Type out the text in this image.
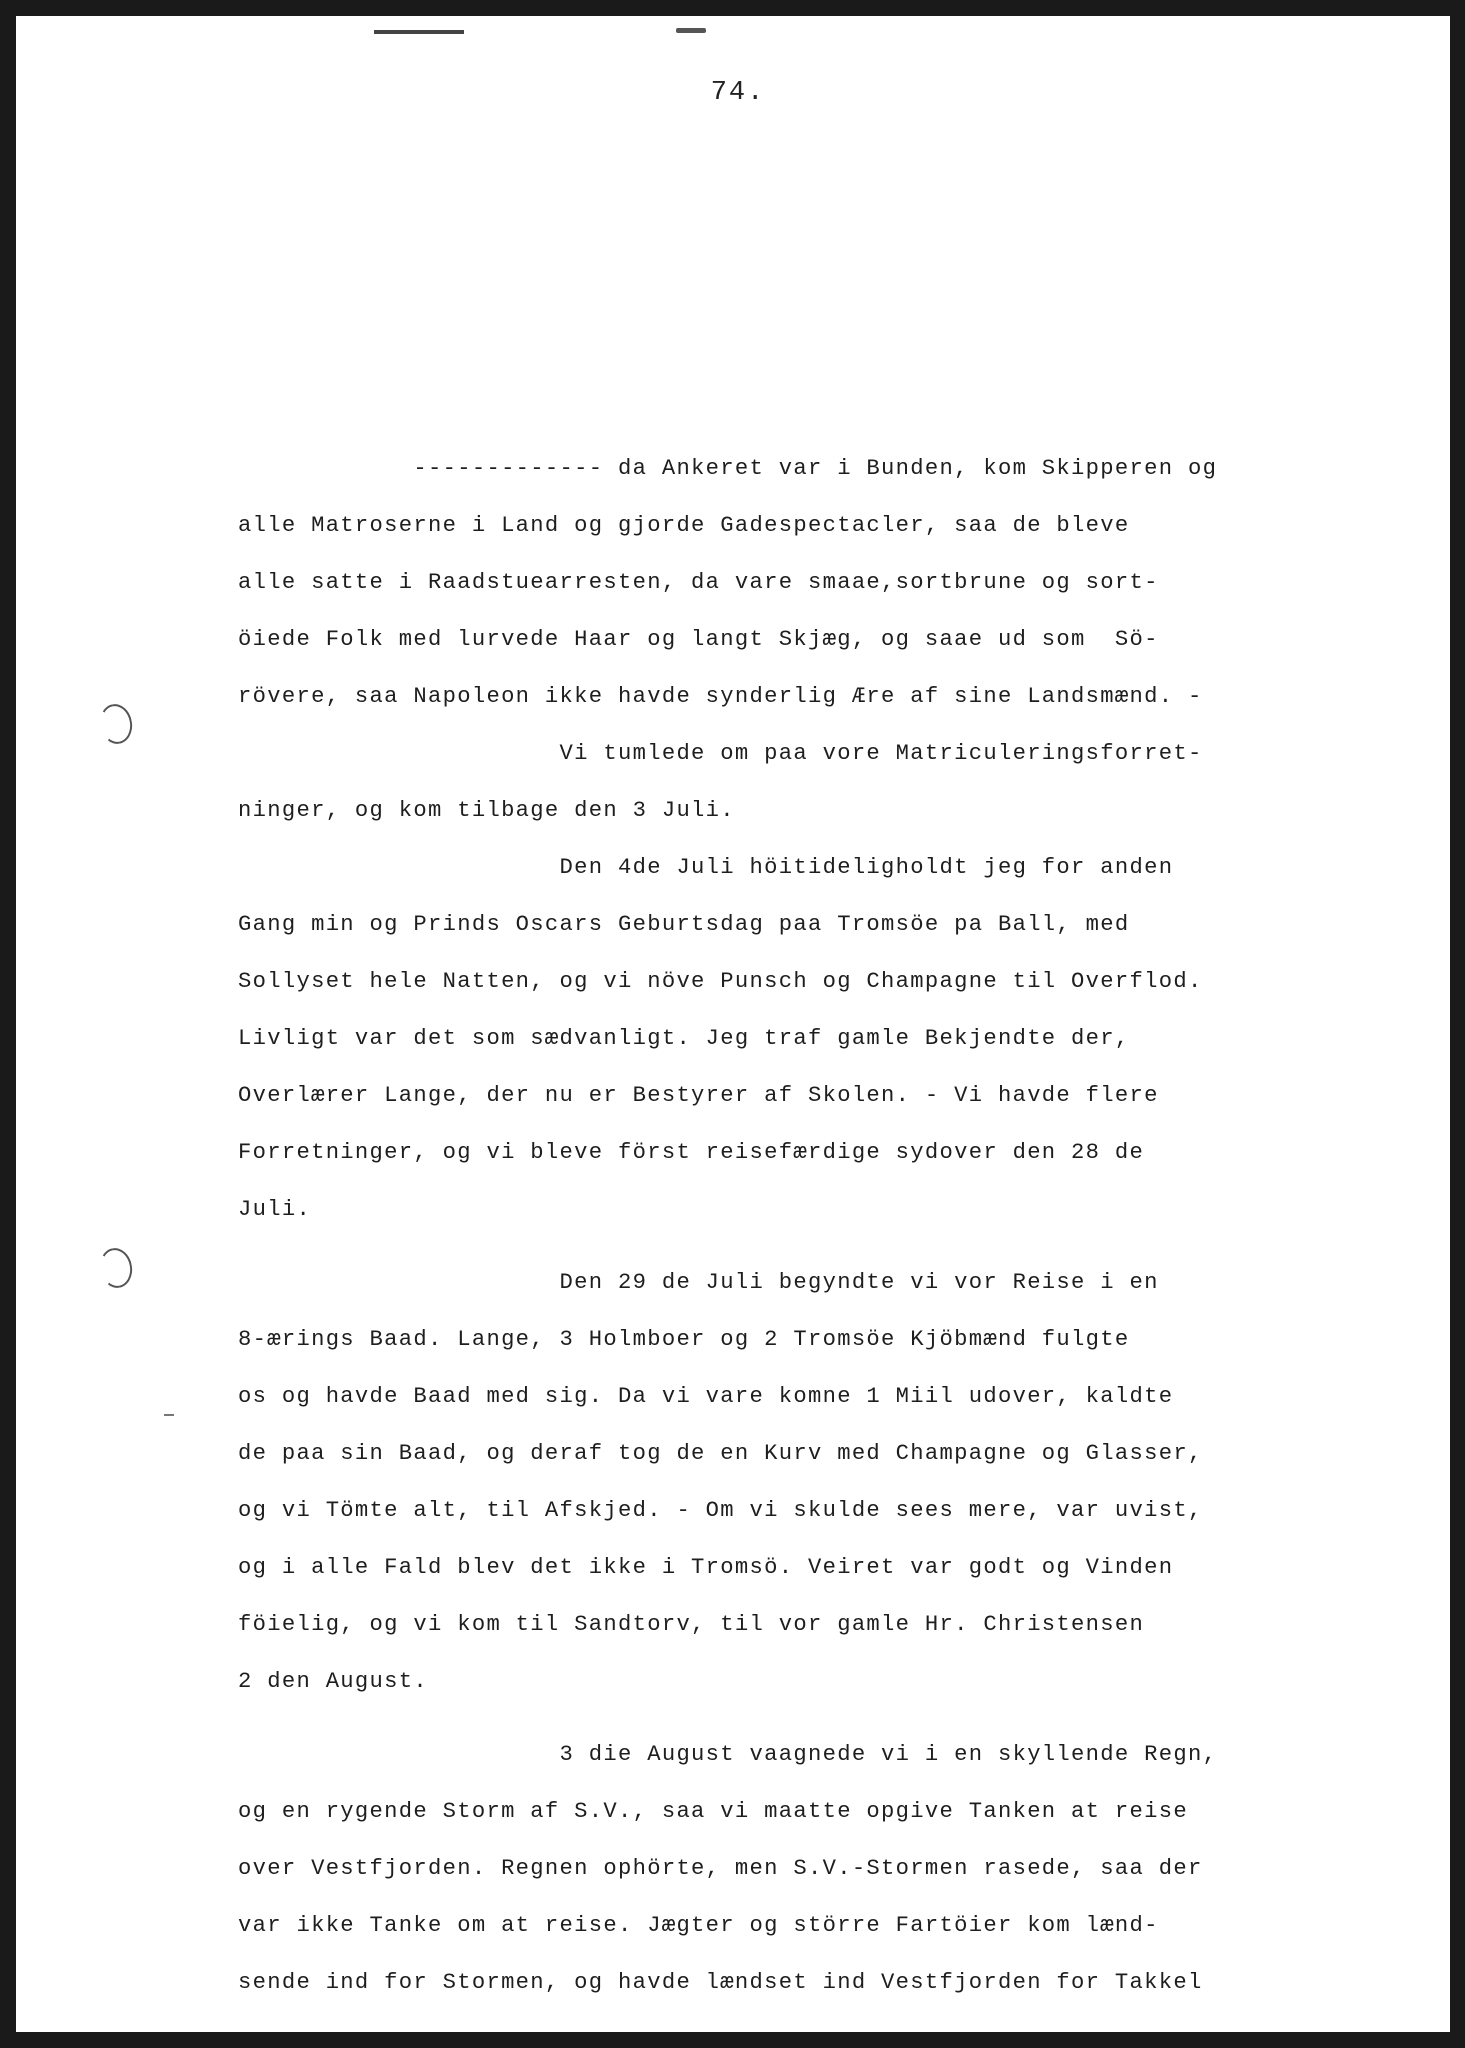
74.
------------- da Ankeret var i Bunden, kom Skipperen og
alle Matroserne i Land og gjorde Gadespectacler, saa de bleve
alle satte i Raadstuearresten, da vare smaae,sortbrune og sort-
öiede Folk med lurvede Haar og langt Skjæg, og saae ud som  Sö-
rövere, saa Napoleon ikke havde synderlig Ære af sine Landsmænd. -
Vi tumlede om paa vore Matriculeringsforret-
ninger, og kom tilbage den 3 Juli.
Den 4de Juli höitideligholdt jeg for anden
Gang min og Prinds Oscars Geburtsdag paa Tromsöe pa Ball, med
Sollyset hele Natten, og vi növe Punsch og Champagne til Overflod.
Livligt var det som sædvanligt. Jeg traf gamle Bekjendte der,
Overlærer Lange, der nu er Bestyrer af Skolen. - Vi havde flere
Forretninger, og vi bleve först reisefærdige sydover den 28 de
Juli.
Den 29 de Juli begyndte vi vor Reise i en
8-ærings Baad. Lange, 3 Holmboer og 2 Tromsöe Kjöbmænd fulgte
os og havde Baad med sig. Da vi vare komne 1 Miil udover, kaldte
de paa sin Baad, og deraf tog de en Kurv med Champagne og Glasser,
og vi Tömte alt, til Afskjed. - Om vi skulde sees mere, var uvist,
og i alle Fald blev det ikke i Tromsö. Veiret var godt og Vinden
föielig, og vi kom til Sandtorv, til vor gamle Hr. Christensen
2 den August.
3 die August vaagnede vi i en skyllende Regn,
og en rygende Storm af S.V., saa vi maatte opgive Tanken at reise
over Vestfjorden. Regnen ophörte, men S.V.-Stormen rasede, saa der
var ikke Tanke om at reise. Jægter og större Fartöier kom lænd-
sende ind for Stormen, og havde lændset ind Vestfjorden for Takkel
